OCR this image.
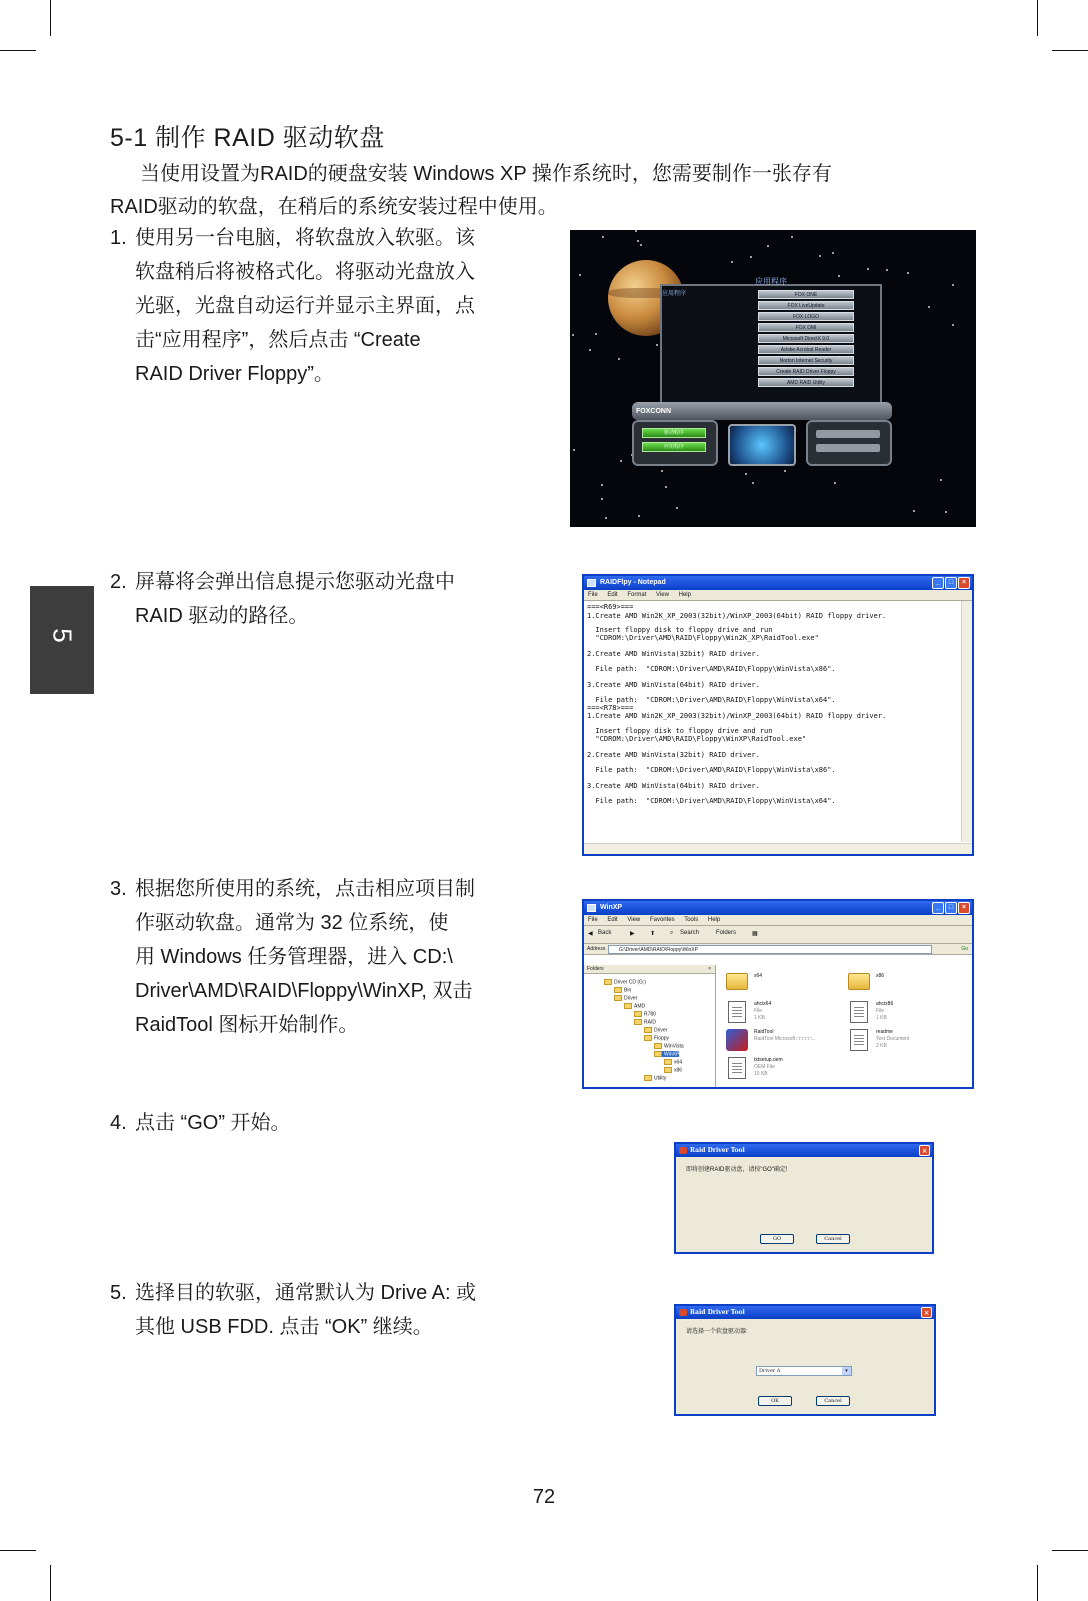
5
5-1 制作 RAID 驱动软盘
当使用设置为RAID的硬盘安装 Windows XP 操作系统时，您需要制作一张存有
RAID驱动的软盘，在稍后的系统安装过程中使用。
1. 使用另一台电脑，将软盘放入软驱。该
软盘稍后将被格式化。将驱动光盘放入
光驱，光盘自动运行并显示主界面，点
击“应用程序”，然后点击 “Create
RAID Driver Floppy”。
2. 屏幕将会弹出信息提示您驱动光盘中
RAID 驱动的路径。
3. 根据您所使用的系统，点击相应项目制
作驱动软盘。通常为 32 位系统，使
用 Windows 任务管理器，进入 CD:\
Driver\AMD\RAID\Floppy\WinXP, 双击
RaidTool 图标开始制作。
4. 点击 “GO” 开始。
5. 选择目的软驱，通常默认为 Drive A: 或
其他 USB FDD. 点击 “OK” 继续。
应用程序
应用程序
FOX ONE
FOX LiveUpdate
FOX LOGO
FOX DMI
Microsoft DirectX 9.0
Adobe Acrobat Reader
Norton Internet Security
Create RAID Driver Floppy
AMD RAID Utility
FOXCONN
驱动程序
应用程序
RAIDFlpy - Notepad	_	□	×
File Edit Format View Help
===<R69>===
1.Create AMD Win2K_XP_2003(32bit)/WinXP_2003(64bit) RAID floppy driver.
Insert floppy disk to floppy drive and run
"CDROM:\Driver\AMD\RAID\Floppy\Win2K_XP\RaidTool.exe"
2.Create AMD WinVista(32bit) RAID driver.
File path:  "CDROM:\Driver\AMD\RAID\Floppy\WinVista\x86".
3.Create AMD WinVista(64bit) RAID driver.
File path:  "CDROM:\Driver\AMD\RAID\Floppy\WinVista\x64".
===<R78>===
1.Create AMD Win2K_XP_2003(32bit)/WinXP_2003(64bit) RAID floppy driver.
Insert floppy disk to floppy drive and run
"CDROM:\Driver\AMD\RAID\Floppy\WinXP\RaidTool.exe"
2.Create AMD WinVista(32bit) RAID driver.
File path:  "CDROM:\Driver\AMD\RAID\Floppy\WinVista\x86".
3.Create AMD WinVista(64bit) RAID driver.
File path:  "CDROM:\Driver\AMD\RAID\Floppy\WinVista\x64".
WinXP	_	□	×
File Edit View Favorites Tools Help
◀ Back	▶	⬆ ⌕ Search	Folders	▦
Address	G:\Driver\AMD\RAID\Floppy\WinXP	Go
Folders	×
Driver CD (G:)
Bin
Driver
AMD
R780
RAID
Driver
Floppy
WinVista
WinXP
x64
x86
Utility
x64	x86
ahcix64
File
1 KB
ahcix86
File
1 KB
RaidTool
RaidTool Microsoft □□□□□...
readme
Text Document
2 KB
txtsetup.oem
OEM File
10 KB
Raid Driver Tool	×
即将创建RAID驱动盘，请按"GO"确定!
GO	Cancel
Raid Driver Tool	×
请选择一个软盘驱动器:
Driver A	▾
OK	Cancel
72
